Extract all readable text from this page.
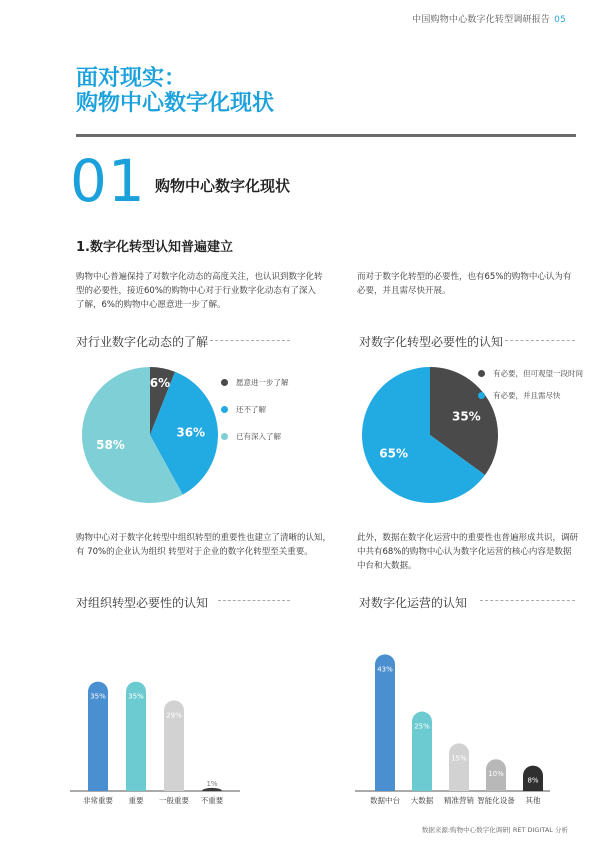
中国购物中心数字化转型调研报告 05
面对现实：
购物中心数字化现状
01 购物中心数字化现状
1.数字化转型认知普遍建立
购物中心普遍保持了对数字化动态的高度关注，也认识到数字化转型的必要性，接近60%的购物中心对于行业数字化动态有了深入了解，6%的购物中心愿意进一步了解。
而对于数字化转型的必要性，也有65%的购物中心认为有必要，并且需尽快开展。
对行业数字化动态的了解	对数字化转型必要性的认知
6%
36%
58%
愿意进一步了解
还不了解
已有深入了解
35%
65%
有必要，但可观望一段时间
有必要，并且需尽快
购物中心对于数字化转型中组织转型的重要性也建立了清晰的认知，有 70%的企业认为组织 转型对于企业的数字化转型至关重要。
此外，数据在数字化运营中的重要性也普遍形成共识，调研中共有68%的购物中心认为数字化运营的核心内容是数据中台和大数据。
对组织转型必要性的认知	对数字化运营的认知
35%
非常重要
35%
重要
29%
一般重要
1%
不重要
43%
数据中台
25%
大数据
15%
精准营销
10%
智能化设备
8%
其他
数据来源:购物中心数字化调研| RET DIGITAL 分析
